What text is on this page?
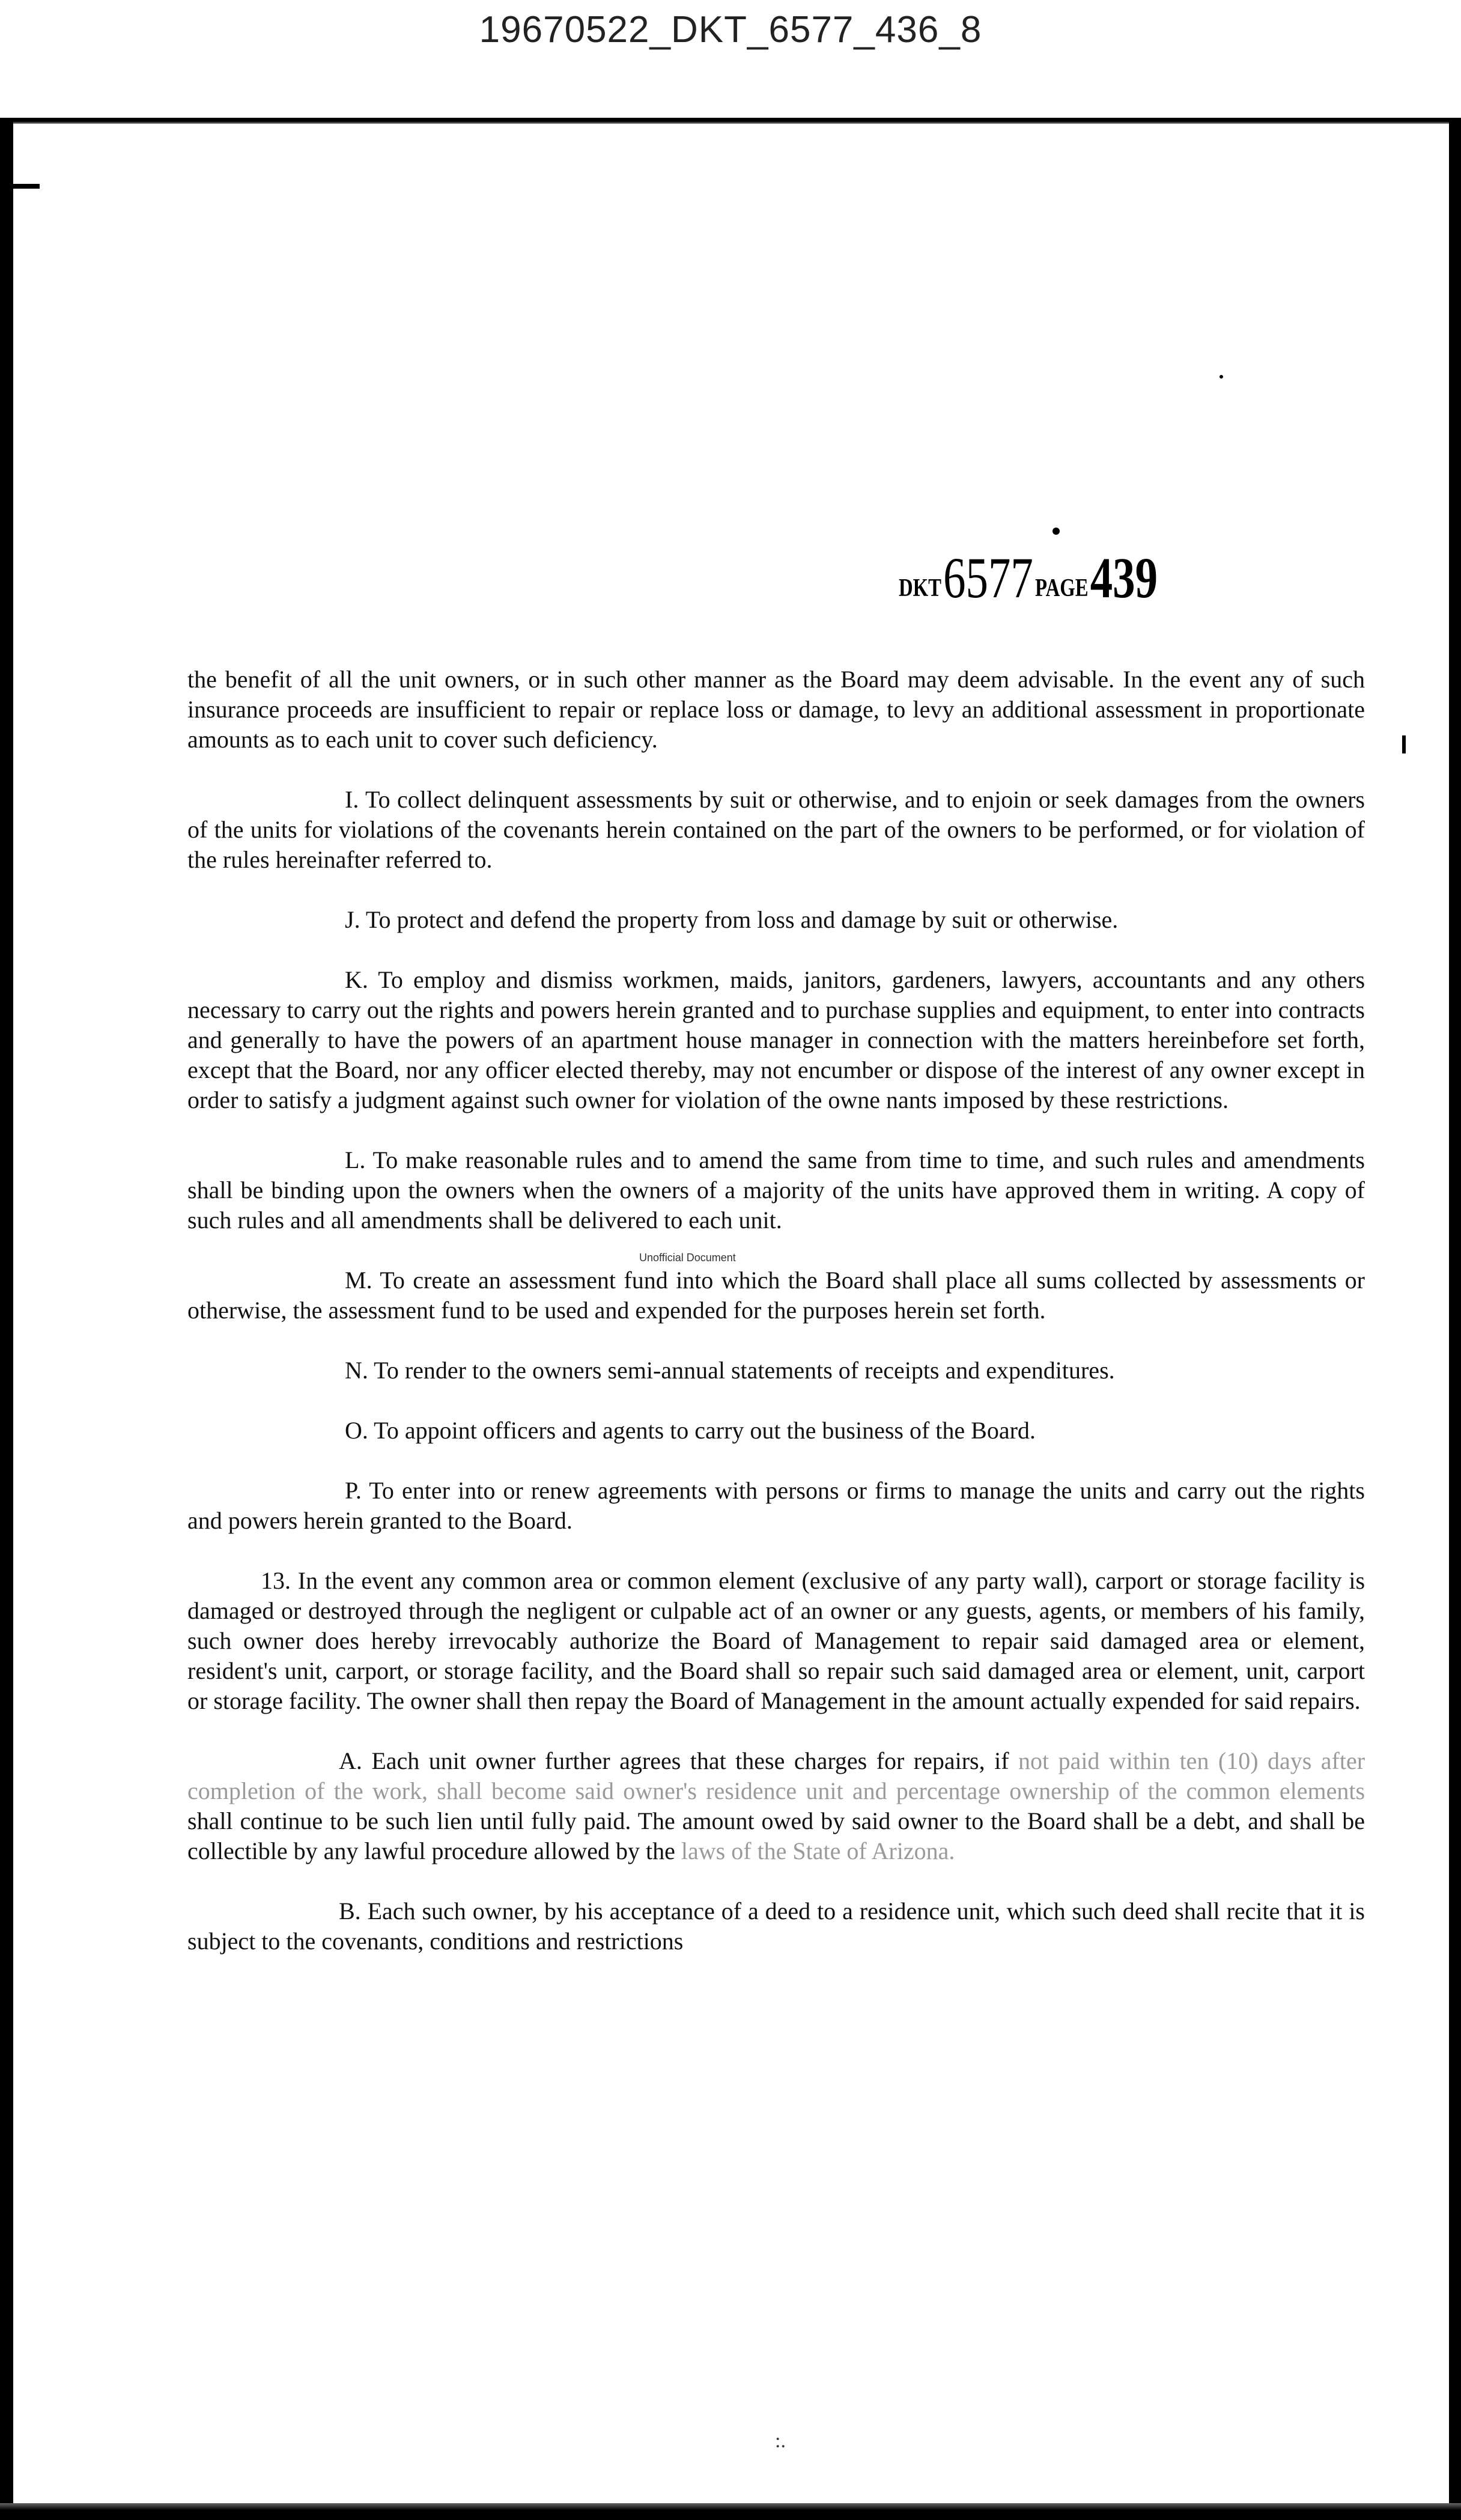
19670522_DKT_6577_436_8
DKT 6577 PAGE 439

the benefit of all the unit owners, or in such other manner as the Board may deem advisable. In the event any of such insurance proceeds are insufficient to repair or replace loss or damage, to levy an additional assessment in proportionate amounts as to each unit to cover such deficiency.

I. To collect delinquent assessments by suit or otherwise, and to enjoin or seek damages from the owners of the units for violations of the covenants herein contained on the part of the owners to be performed, or for violation of the rules hereinafter referred to.

J. To protect and defend the property from loss and damage by suit or otherwise.

K. To employ and dismiss workmen, maids, janitors, gardeners, lawyers, accountants and any others necessary to carry out the rights and powers herein granted and to purchase supplies and equipment, to enter into contracts and generally to have the powers of an apartment house manager in connection with the matters hereinbefore set forth, except that the Board, nor any officer elected thereby, may not encumber or dispose of the interest of any owner except in order to satisfy a judgment against such owner for violation of the owne nants imposed by these restrictions.

L. To make reasonable rules and to amend the same from time to time, and such rules and amendments shall be binding upon the owners when the owners of a majority of the units have approved them in writing. A copy of such rules and all amendments shall be delivered to each unit.

M. To create an assessment fund into which the Board shall place all sums collected by assessments or otherwise, the assessment fund to be used and expended for the purposes herein set forth.

N. To render to the owners semi-annual statements of receipts and expenditures.

O. To appoint officers and agents to carry out the business of the Board.

P. To enter into or renew agreements with persons or firms to manage the units and carry out the rights and powers herein granted to the Board.

13. In the event any common area or common element (exclusive of any party wall), carport or storage facility is damaged or destroyed through the negligent or culpable act of an owner or any guests, agents, or members of his family, such owner does hereby irrevocably authorize the Board of Management to repair said damaged area or element, resident's unit, carport, or storage facility, and the Board shall so repair such said damaged area or element, unit, carport or storage facility. The owner shall then repay the Board of Management in the amount actually expended for said repairs.

A. Each unit owner further agrees that these charges for repairs, if not paid within ten (10) days after completion of the work, shall become said owner's residence unit and percentage ownership of the common elements shall continue to be such lien until fully paid. The amount owed by said owner to the Board shall be a debt, and shall be collectible by any lawful procedure allowed by the laws of the State of Arizona.

B. Each such owner, by his acceptance of a deed to a residence unit, which such deed shall recite that it is subject to the covenants, conditions and restrictions

Unofficial Document
:.
